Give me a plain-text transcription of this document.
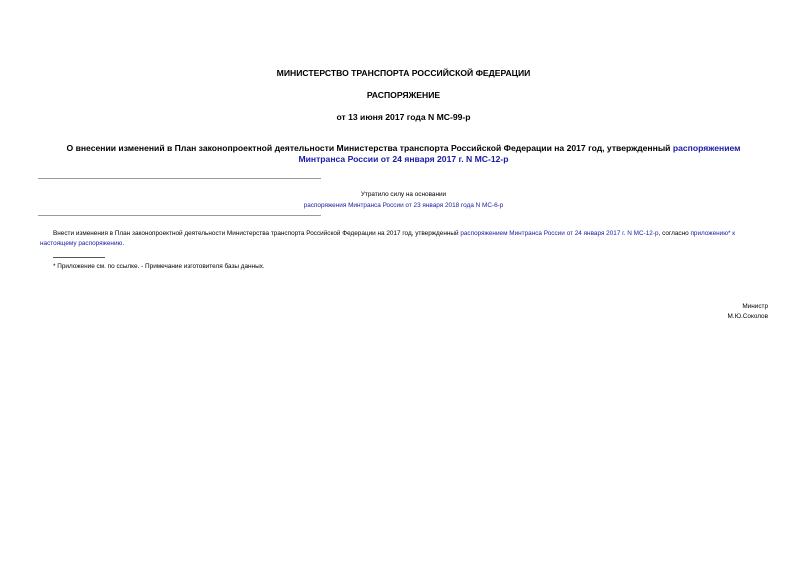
МИНИСТЕРСТВО ТРАНСПОРТА РОССИЙСКОЙ ФЕДЕРАЦИИ
РАСПОРЯЖЕНИЕ
от 13 июня 2017 года N МС-99-р
О внесении изменений в План законопроектной деятельности Министерства транспорта Российской Федерации на 2017 год, утвержденный распоряжением
Минтранса России от 24 января 2017 г. N МС-12-р
Утратило силу на основании
распоряжения Минтранса России от 23 января 2018 года N МС-6-р
Внести изменения в План законопроектной деятельности Министерства транспорта Российской Федерации на 2017 год, утвержденный распоряжением Минтранса России от 24 января 2017 г. N МС-12-р, согласно приложению* к настоящему распоряжению.
* Приложение см. по ссылке. - Примечание изготовителя базы данных.
Министр
М.Ю.Соколов
